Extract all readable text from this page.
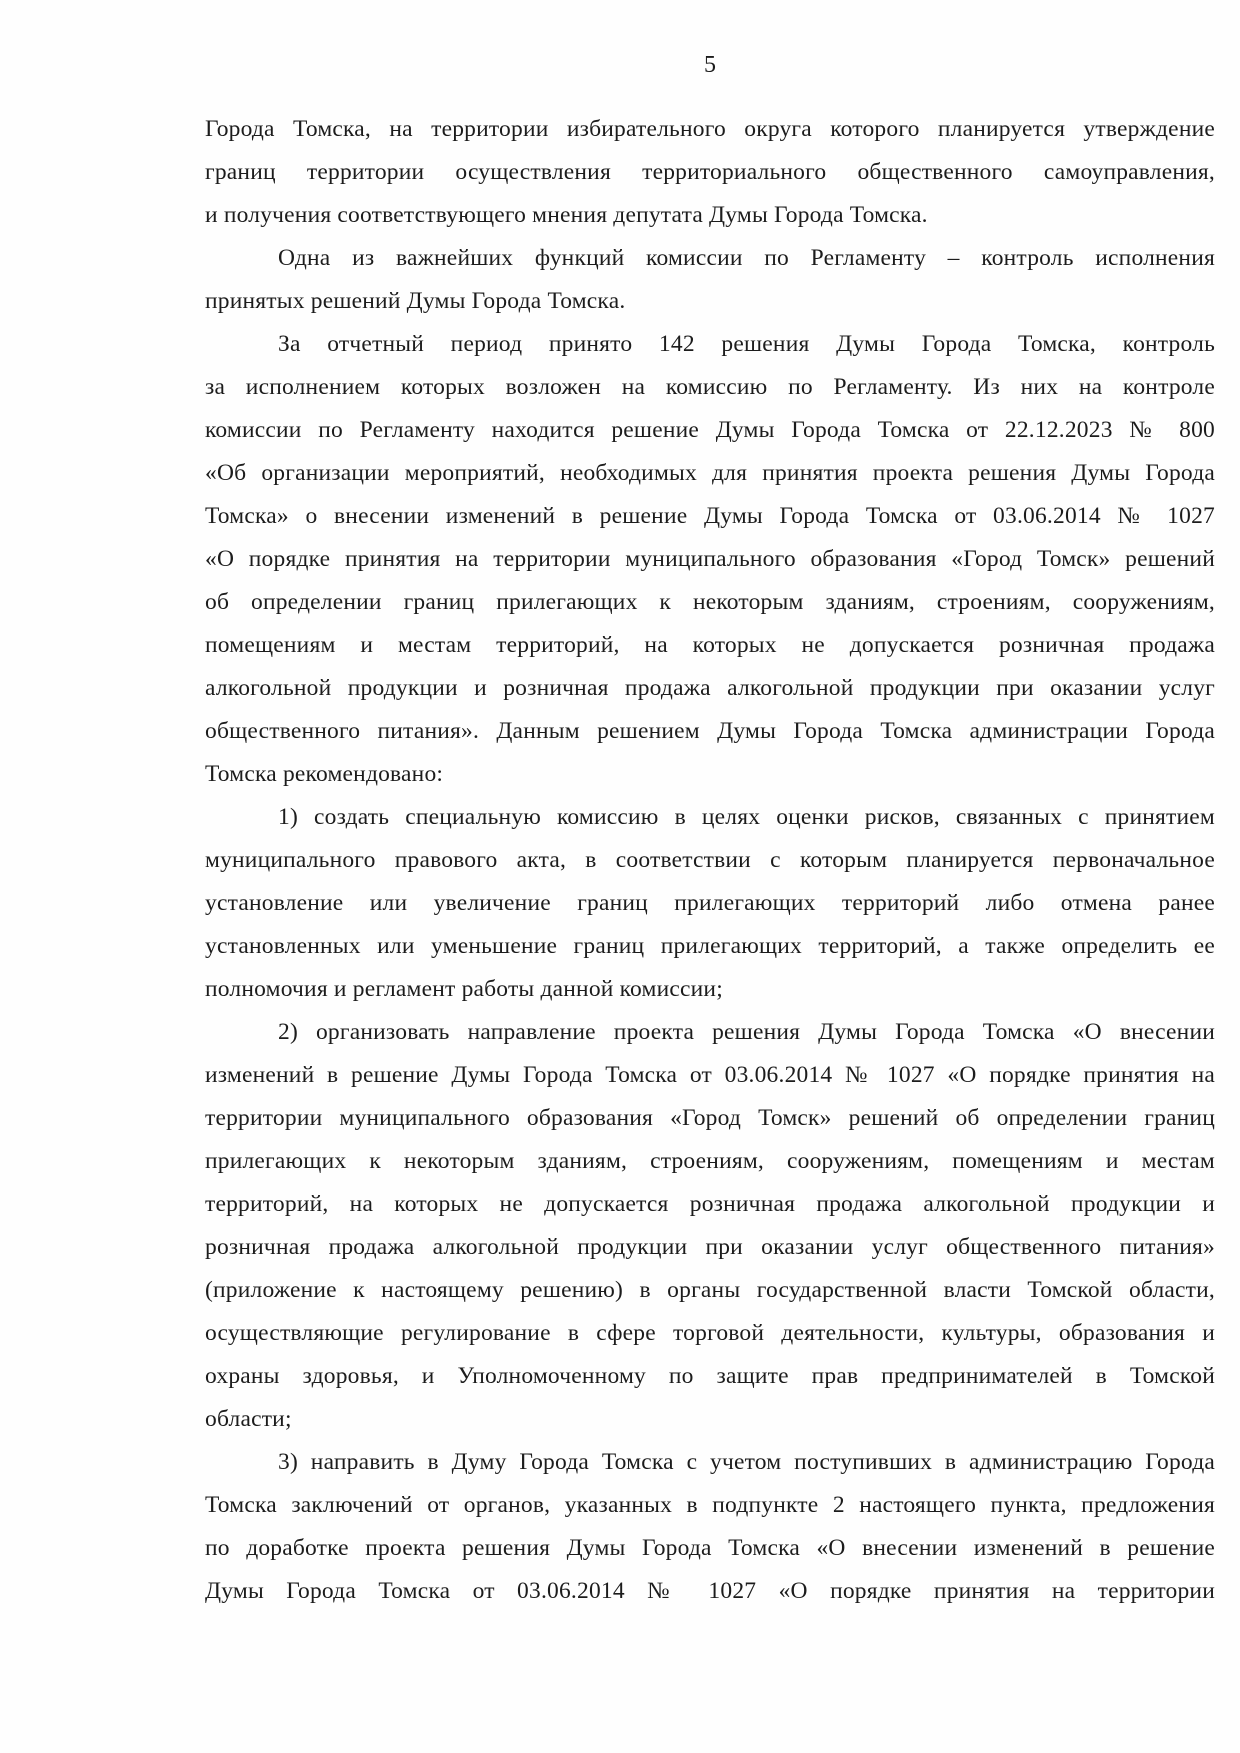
5
Города Томска, на территории избирательного округа которого планируется утверждение
границ территории осуществления территориального общественного самоуправления,
и получения соответствующего мнения депутата Думы Города Томска.
Одна из важнейших функций комиссии по Регламенту – контроль исполнения
принятых решений Думы Города Томска.
За отчетный период принято 142 решения Думы Города Томска, контроль
за исполнением которых возложен на комиссию по Регламенту. Из них на контроле
комиссии по Регламенту находится решение Думы Города Томска от 22.12.2023 № 800
«Об организации мероприятий, необходимых для принятия проекта решения Думы Города
Томска» о внесении изменений в решение Думы Города Томска от 03.06.2014 № 1027
«О порядке принятия на территории муниципального образования «Город Томск» решений
об определении границ прилегающих к некоторым зданиям, строениям, сооружениям,
помещениям и местам территорий, на которых не допускается розничная продажа
алкогольной продукции и розничная продажа алкогольной продукции при оказании услуг
общественного питания». Данным решением Думы Города Томска администрации Города
Томска рекомендовано:
1) создать специальную комиссию в целях оценки рисков, связанных с принятием
муниципального правового акта, в соответствии с которым планируется первоначальное
установление или увеличение границ прилегающих территорий либо отмена ранее
установленных или уменьшение границ прилегающих территорий, а также определить ее
полномочия и регламент работы данной комиссии;
2) организовать направление проекта решения Думы Города Томска «О внесении
изменений в решение Думы Города Томска от 03.06.2014 № 1027 «О порядке принятия на
территории муниципального образования «Город Томск» решений об определении границ
прилегающих к некоторым зданиям, строениям, сооружениям, помещениям и местам
территорий, на которых не допускается розничная продажа алкогольной продукции и
розничная продажа алкогольной продукции при оказании услуг общественного питания»
(приложение к настоящему решению) в органы государственной власти Томской области,
осуществляющие регулирование в сфере торговой деятельности, культуры, образования и
охраны здоровья, и Уполномоченному по защите прав предпринимателей в Томской
области;
3) направить в Думу Города Томска с учетом поступивших в администрацию Города
Томска заключений от органов, указанных в подпункте 2 настоящего пункта, предложения
по доработке проекта решения Думы Города Томска «О внесении изменений в решение
Думы Города Томска от 03.06.2014 № 1027 «О порядке принятия на территории
